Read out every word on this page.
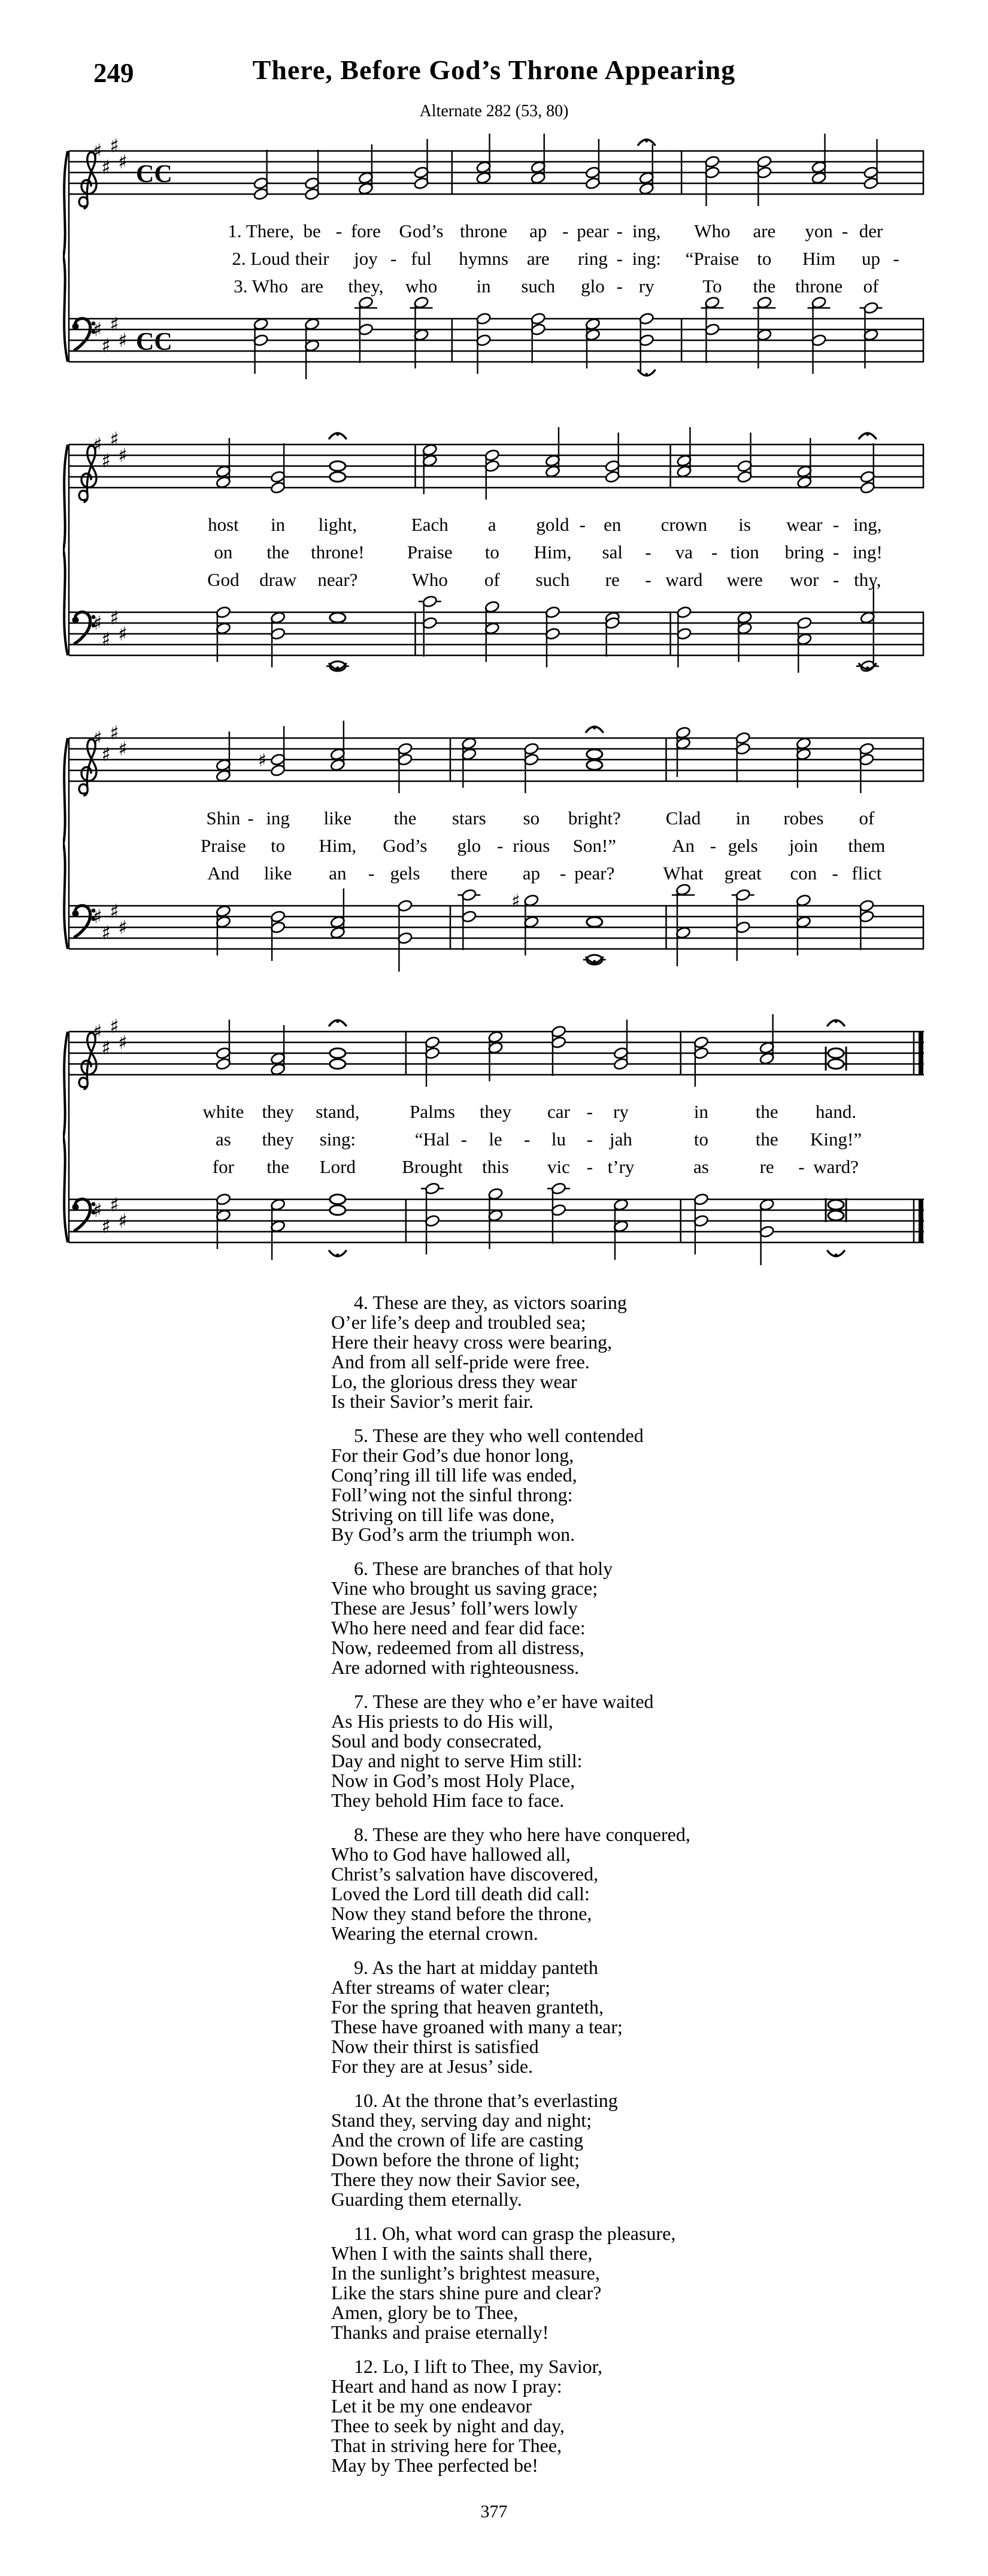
249	There, Before God’s Throne Appearing
Alternate 282 (53, 80)
♯
♯
♯
♯
♯
♯
♯
♯
CC
CC
1. There, be - fore God’s throne ap - pear - ing, Who are yon - der
2. Loud their joy - ful hymns are ring - ing: “Praise to Him up -
3. Who are they, who in such glo - ry	To the throne of
♯
♯
♯
♯
♯
♯
♯
♯
host in light,	Each a gold - en crown is wear - ing,
on the throne! Praise to Him, sal - va - tion bring - ing!
God draw near?	Who of such re - ward were wor - thy,
♯
♯
♯
♯
♯
♯
♯
♯
♯
♯
Shin - ing like the stars so bright? Clad in robes of
Praise to Him, God’s glo - rious Son!”	An - gels join them
And like an - gels there ap - pear?	What great con - flict
♯
♯
♯
♯
♯
♯
♯
♯
white they stand,	Palms they car - ry	in	the hand.
as they sing:	“Hal - le - lu - jah	to	the King!”
for the Lord Brought this vic - t’ry	as	re - ward?
4. These are they, as victors soaring
O’er life’s deep and troubled sea;
Here their heavy cross were bearing,
And from all self-pride were free.
Lo, the glorious dress they wear
Is their Savior’s merit fair.
5. These are they who well contended
For their God’s due honor long,
Conq’ring ill till life was ended,
Foll’wing not the sinful throng:
Striving on till life was done,
By God’s arm the triumph won.
6. These are branches of that holy
Vine who brought us saving grace;
These are Jesus’ foll’wers lowly
Who here need and fear did face:
Now, redeemed from all distress,
Are adorned with righteousness.
7. These are they who e’er have waited
As His priests to do His will,
Soul and body consecrated,
Day and night to serve Him still:
Now in God’s most Holy Place,
They behold Him face to face.
8. These are they who here have conquered,
Who to God have hallowed all,
Christ’s salvation have discovered,
Loved the Lord till death did call:
Now they stand before the throne,
Wearing the eternal crown.
9. As the hart at midday panteth
After streams of water clear;
For the spring that heaven granteth,
These have groaned with many a tear;
Now their thirst is satisfied
For they are at Jesus’ side.
10. At the throne that’s everlasting
Stand they, serving day and night;
And the crown of life are casting
Down before the throne of light;
There they now their Savior see,
Guarding them eternally.
11. Oh, what word can grasp the pleasure,
When I with the saints shall there,
In the sunlight’s brightest measure,
Like the stars shine pure and clear?
Amen, glory be to Thee,
Thanks and praise eternally!
12. Lo, I lift to Thee, my Savior,
Heart and hand as now I pray:
Let it be my one endeavor
Thee to seek by night and day,
That in striving here for Thee,
May by Thee perfected be!
377
